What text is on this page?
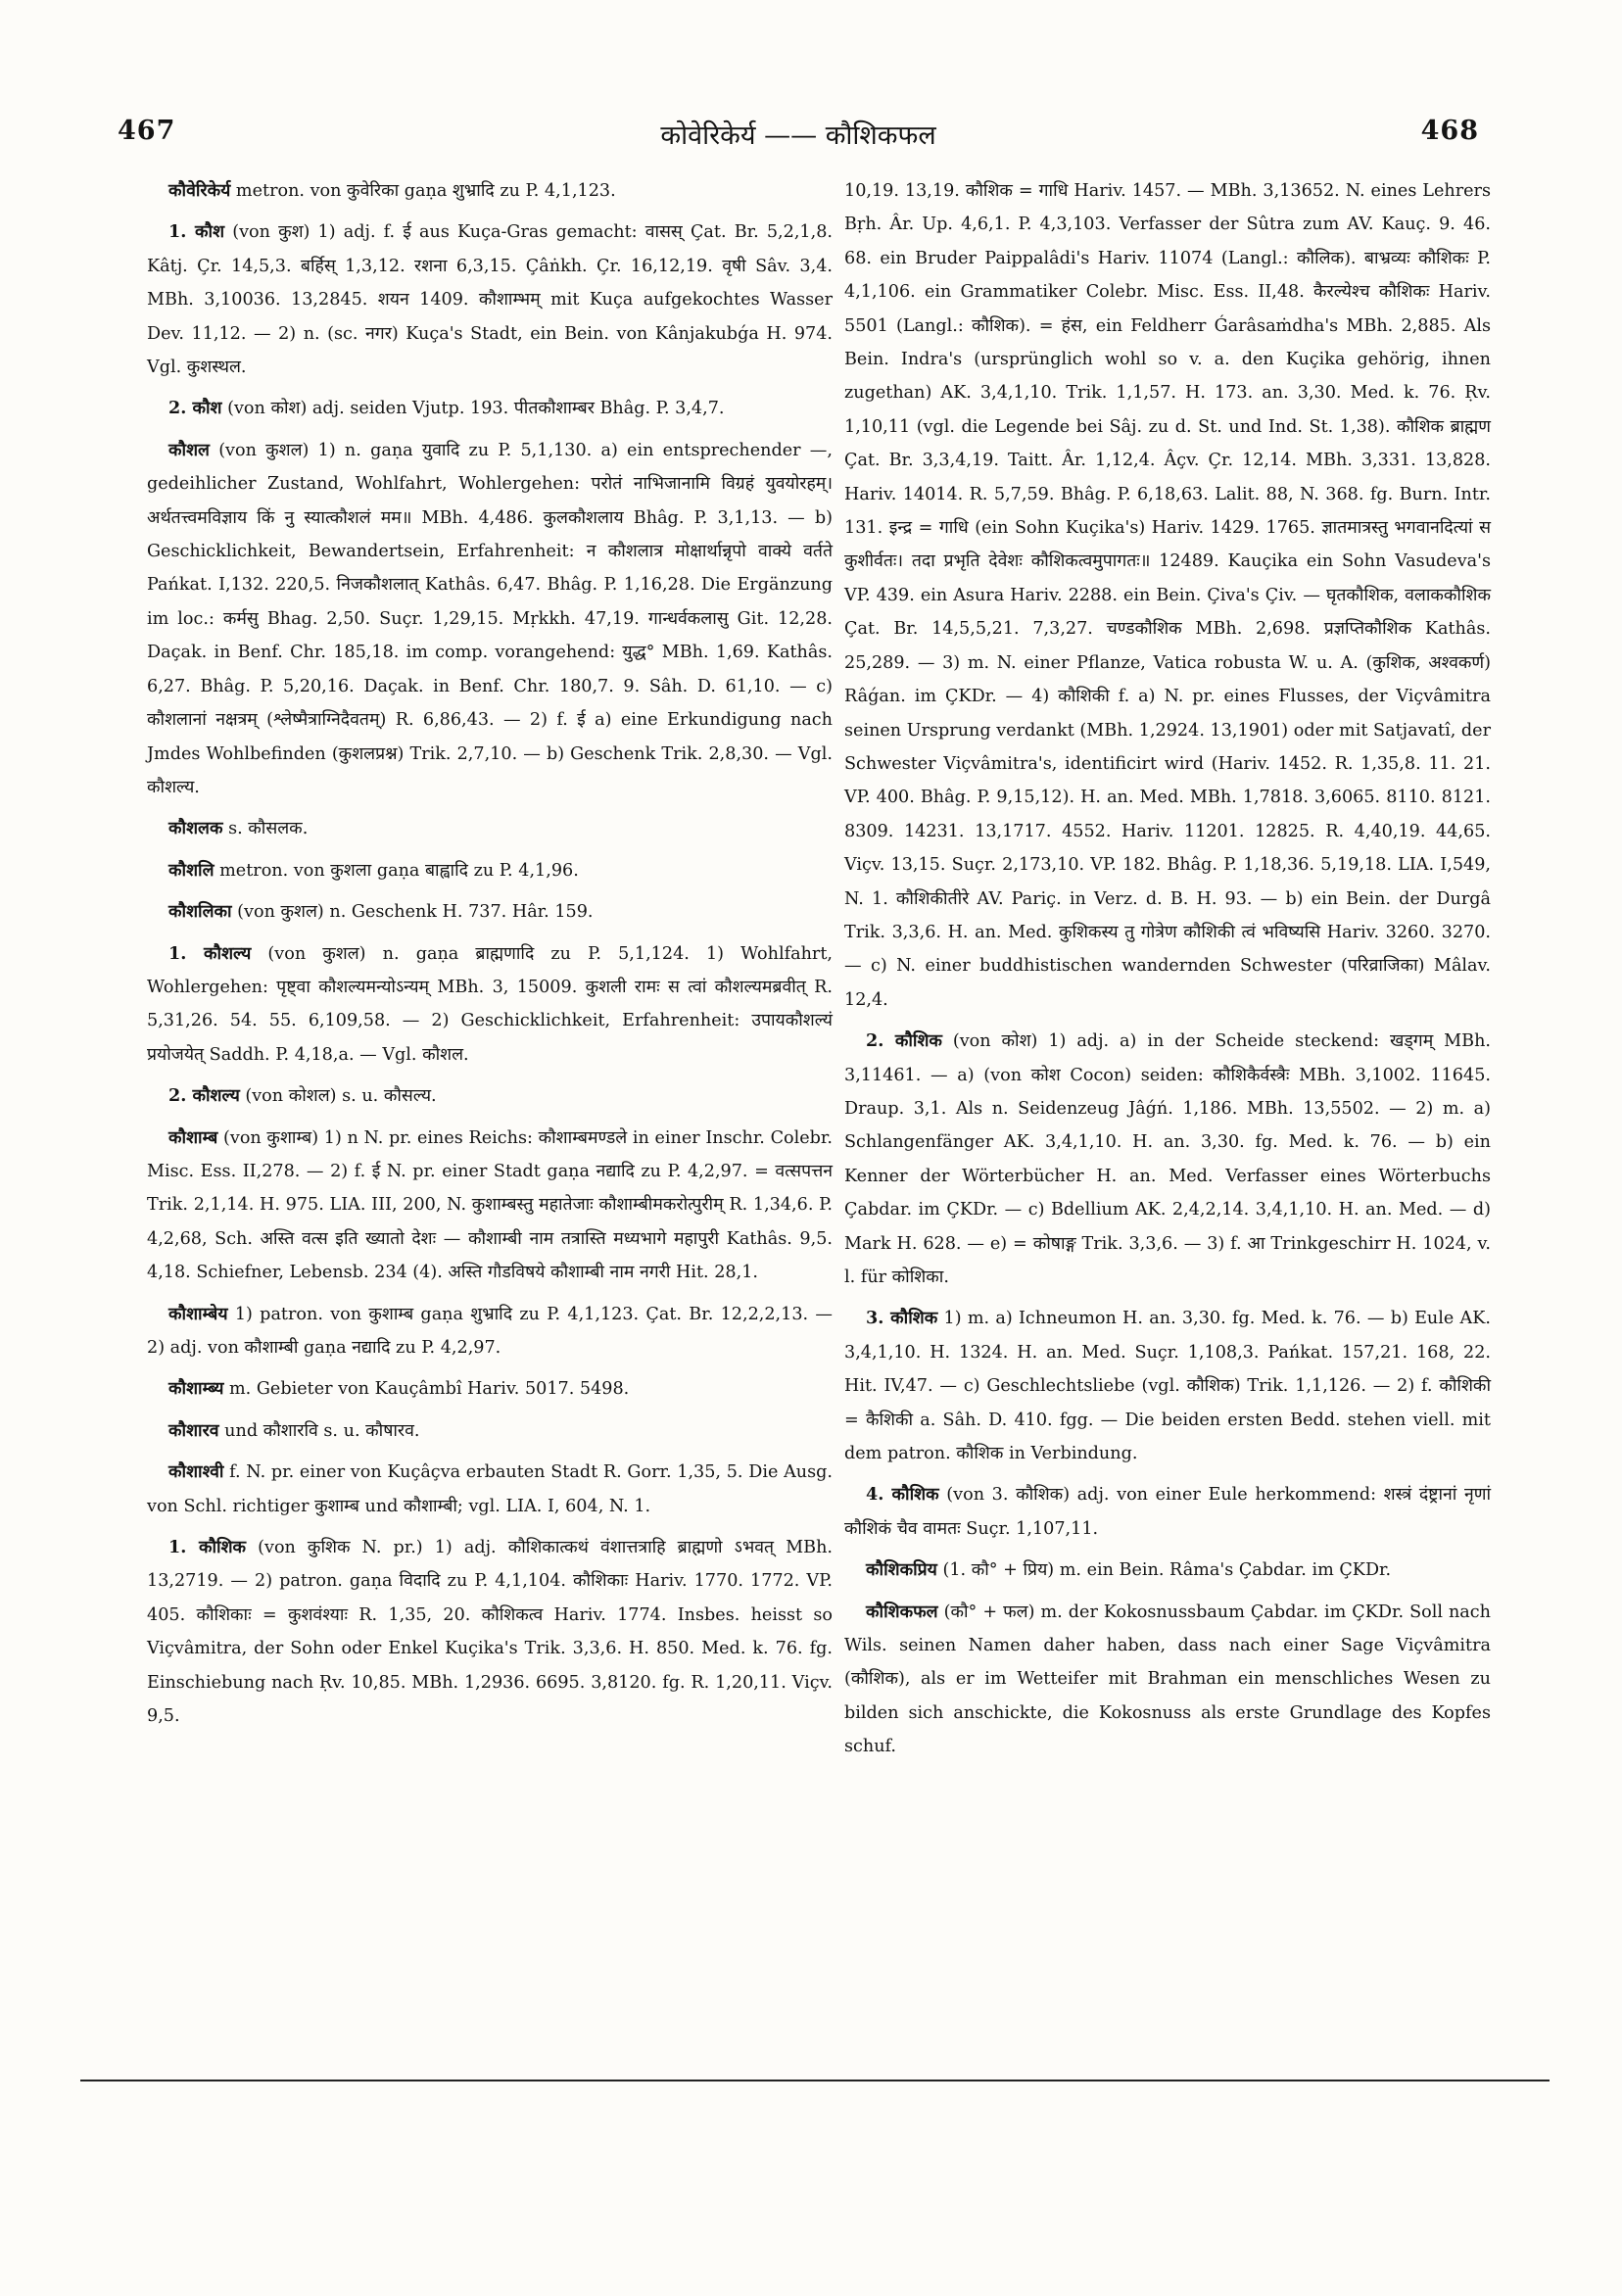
467	कोवेरिकेर्य —— कौशिकफल	468

कौवेरिकेर्य metron. von कुवेरिका gaṇa शुभ्रादि zu P. 4,1,123.

1. कौश (von कुश) 1) adj. f. ई aus Kuça-Gras gemacht: वासस् Çat. Br. 5,2,1,8. Kâtj. Çr. 14,5,3. बर्हिस् 1,3,12. रशना 6,3,15. Çâṅkh. Çr. 16,12,19. वृषी Sâv. 3,4. MBh. 3,10036. 13,2845. शयन 1409. कौशाम्भम् mit Kuça aufgekochtes Wasser Dev. 11,12. — 2) n. (sc. नगर) Kuça's Stadt, ein Bein. von Kânjakubǵa H. 974. Vgl. कुशस्थल.

2. कौश (von कोश) adj. seiden Vjutp. 193. पीतकौशाम्बर Bhâg. P. 3,4,7.

कौशल (von कुशल) 1) n. gaṇa युवादि zu P. 5,1,130. a) ein entsprechender —, gedeihlicher Zustand, Wohlfahrt, Wohlergehen: परोतं नाभिजानामि विग्रहं युवयोरहम्। अर्थतत्त्वमविज्ञाय किं नु स्यात्कौशलं मम॥ MBh. 4,486. कुलकौशलाय Bhâg. P. 3,1,13. — b) Geschicklichkeit, Bewandertsein, Erfahrenheit: न कौशलात्र मोक्षार्थान्नृपो वाक्ये वर्तते Pańkat. I,132. 220,5. निजकौशलात् Kathâs. 6,47. Bhâg. P. 1,16,28. Die Ergänzung im loc.: कर्मसु Bhag. 2,50. Suçr. 1,29,15. Mṛkkh. 47,19. गान्धर्वकलासु Git. 12,28. Daçak. in Benf. Chr. 185,18. im comp. vorangehend: युद्ध° MBh. 1,69. Kathâs. 6,27. Bhâg. P. 5,20,16. Daçak. in Benf. Chr. 180,7. 9. Sâh. D. 61,10. — c) कौशलानां नक्षत्रम् (श्लेष्मैत्राग्निदैवतम्) R. 6,86,43. — 2) f. ई a) eine Erkundigung nach Jmdes Wohlbefinden (कुशलप्रश्न) Trik. 2,7,10. — b) Geschenk Trik. 2,8,30. — Vgl. कौशल्य.

कौशलक s. कौसलक.

कौशलि metron. von कुशला gaṇa बाह्वादि zu P. 4,1,96.

कौशलिका (von कुशल) n. Geschenk H. 737. Hâr. 159.

1. कौशल्य (von कुशल) n. gaṇa ब्राह्मणादि zu P. 5,1,124. 1) Wohlfahrt, Wohlergehen: पृष्ट्वा कौशल्यमन्योऽन्यम् MBh. 3, 15009. कुशली रामः स त्वां कौशल्यमब्रवीत् R. 5,31,26. 54. 55. 6,109,58. — 2) Geschicklichkeit, Erfahrenheit: उपायकौशल्यं प्रयोजयेत् Saddh. P. 4,18,a. — Vgl. कौशल.

2. कौशल्य (von कोशल) s. u. कौसल्य.

कौशाम्ब (von कुशाम्ब) 1) n N. pr. eines Reichs: कौशाम्बमण्डले in einer Inschr. Colebr. Misc. Ess. II,278. — 2) f. ई N. pr. einer Stadt gaṇa नद्यादि zu P. 4,2,97. = वत्सपत्तन Trik. 2,1,14. H. 975. LIA. III, 200, N. कुशाम्बस्तु महातेजाः कौशाम्बीमकरोत्पुरीम् R. 1,34,6. P. 4,2,68, Sch. अस्ति वत्स इति ख्यातो देशः — कौशाम्बी नाम तत्रास्ति मध्यभागे महापुरी Kathâs. 9,5. 4,18. Schiefner, Lebensb. 234 (4). अस्ति गौडविषये कौशाम्बी नाम नगरी Hit. 28,1.

कौशाम्बेय 1) patron. von कुशाम्ब gaṇa शुभ्रादि zu P. 4,1,123. Çat. Br. 12,2,2,13. — 2) adj. von कौशाम्बी gaṇa नद्यादि zu P. 4,2,97.

कौशाम्ब्य m. Gebieter von Kauçâmbî Hariv. 5017. 5498.

कौशारव und कौशारवि s. u. कौषारव.

कौशाश्वी f. N. pr. einer von Kuçâçva erbauten Stadt R. Gorr. 1,35, 5. Die Ausg. von Schl. richtiger कुशाम्ब und कौशाम्बी; vgl. LIA. I, 604, N. 1.

1. कौशिक (von कुशिक N. pr.) 1) adj. कौशिकात्कथं वंशात्तत्राहि ब्राह्मणो ऽभवत् MBh. 13,2719. — 2) patron. gaṇa विदादि zu P. 4,1,104. कौशिकाः Hariv. 1770. 1772. VP. 405. कौशिकाः = कुशवंश्याः R. 1,35, 20. कौशिकत्व Hariv. 1774. Insbes. heisst so Viçvâmitra, der Sohn oder Enkel Kuçika's Trik. 3,3,6. H. 850. Med. k. 76. fg. Einschiebung nach Ṛv. 10,85. MBh. 1,2936. 6695. 3,8120. fg. R. 1,20,11. Viçv. 9,5.

10,19. 13,19. कौशिक = गाधि Hariv. 1457. — MBh. 3,13652. N. eines Lehrers Bṛh. Âr. Up. 4,6,1. P. 4,3,103. Verfasser der Sûtra zum AV. Kauç. 9. 46. 68. ein Bruder Paippalâdi's Hariv. 11074 (Langl.: कौलिक). बाभ्रव्यः कौशिकः P. 4,1,106. ein Grammatiker Colebr. Misc. Ess. II,48. कैरल्येश्च कौशिकः Hariv. 5501 (Langl.: कौशिक). = हंस, ein Feldherr Ǵarâsaṁdha's MBh. 2,885. Als Bein. Indra's (ursprünglich wohl so v. a. den Kuçika gehörig, ihnen zugethan) AK. 3,4,1,10. Trik. 1,1,57. H. 173. an. 3,30. Med. k. 76. Ṛv. 1,10,11 (vgl. die Legende bei Sâj. zu d. St. und Ind. St. 1,38). कौशिक ब्राह्मण Çat. Br. 3,3,4,19. Taitt. Âr. 1,12,4. Âçv. Çr. 12,14. MBh. 3,331. 13,828. Hariv. 14014. R. 5,7,59. Bhâg. P. 6,18,63. Lalit. 88, N. 368. fg. Burn. Intr. 131. इन्द्र = गाधि (ein Sohn Kuçika's) Hariv. 1429. 1765. ज्ञातमात्रस्तु भगवानदित्यां स कुशीर्वतः। तदा प्रभृति देवेशः कौशिकत्वमुपागतः॥ 12489. Kauçika ein Sohn Vasudeva's VP. 439. ein Asura Hariv. 2288. ein Bein. Çiva's Çiv. — घृतकौशिक, वलाककौशिक Çat. Br. 14,5,5,21. 7,3,27. चण्डकौशिक MBh. 2,698. प्रज्ञप्तिकौशिक Kathâs. 25,289. — 3) m. N. einer Pflanze, Vatica robusta W. u. A. (कुशिक, अश्वकर्ण) Râǵan. im ÇKDr. — 4) कौशिकी f. a) N. pr. eines Flusses, der Viçvâmitra seinen Ursprung verdankt (MBh. 1,2924. 13,1901) oder mit Satjavatî, der Schwester Viçvâmitra's, identificirt wird (Hariv. 1452. R. 1,35,8. 11. 21. VP. 400. Bhâg. P. 9,15,12). H. an. Med. MBh. 1,7818. 3,6065. 8110. 8121. 8309. 14231. 13,1717. 4552. Hariv. 11201. 12825. R. 4,40,19. 44,65. Viçv. 13,15. Suçr. 2,173,10. VP. 182. Bhâg. P. 1,18,36. 5,19,18. LIA. I,549, N. 1. कौशिकीतीरे AV. Pariç. in Verz. d. B. H. 93. — b) ein Bein. der Durgâ Trik. 3,3,6. H. an. Med. कुशिकस्य तु गोत्रेण कौशिकी त्वं भविष्यसि Hariv. 3260. 3270. — c) N. einer buddhistischen wandernden Schwester (परिव्राजिका) Mâlav. 12,4.

2. कौशिक (von कोश) 1) adj. a) in der Scheide steckend: खड्गम् MBh. 3,11461. — a) (von कोश Cocon) seiden: कौशिकैर्वस्त्रैः MBh. 3,1002. 11645. Draup. 3,1. Als n. Seidenzeug Jâǵń. 1,186. MBh. 13,5502. — 2) m. a) Schlangenfänger AK. 3,4,1,10. H. an. 3,30. fg. Med. k. 76. — b) ein Kenner der Wörterbücher H. an. Med. Verfasser eines Wörterbuchs Çabdar. im ÇKDr. — c) Bdellium AK. 2,4,2,14. 3,4,1,10. H. an. Med. — d) Mark H. 628. — e) = कोषाङ्ग Trik. 3,3,6. — 3) f. आ Trinkgeschirr H. 1024, v. l. für कोशिका.

3. कौशिक 1) m. a) Ichneumon H. an. 3,30. fg. Med. k. 76. — b) Eule AK. 3,4,1,10. H. 1324. H. an. Med. Suçr. 1,108,3. Pańkat. 157,21. 168, 22. Hit. IV,47. — c) Geschlechtsliebe (vgl. कौशिक) Trik. 1,1,126. — 2) f. कौशिकी = कैशिकी a. Sâh. D. 410. fgg. — Die beiden ersten Bedd. stehen viell. mit dem patron. कौशिक in Verbindung.

4. कौशिक (von 3. कौशिक) adj. von einer Eule herkommend: शस्त्रं दंष्ट्रानां नृणां कौशिकं चैव वामतः Suçr. 1,107,11.

कौशिकप्रिय (1. कौ° + प्रिय) m. ein Bein. Râma's Çabdar. im ÇKDr.

कौशिकफल (कौ° + फल) m. der Kokosnussbaum Çabdar. im ÇKDr. Soll nach Wils. seinen Namen daher haben, dass nach einer Sage Viçvâmitra (कौशिक), als er im Wetteifer mit Brahman ein menschliches Wesen zu bilden sich anschickte, die Kokosnuss als erste Grundlage des Kopfes schuf.
